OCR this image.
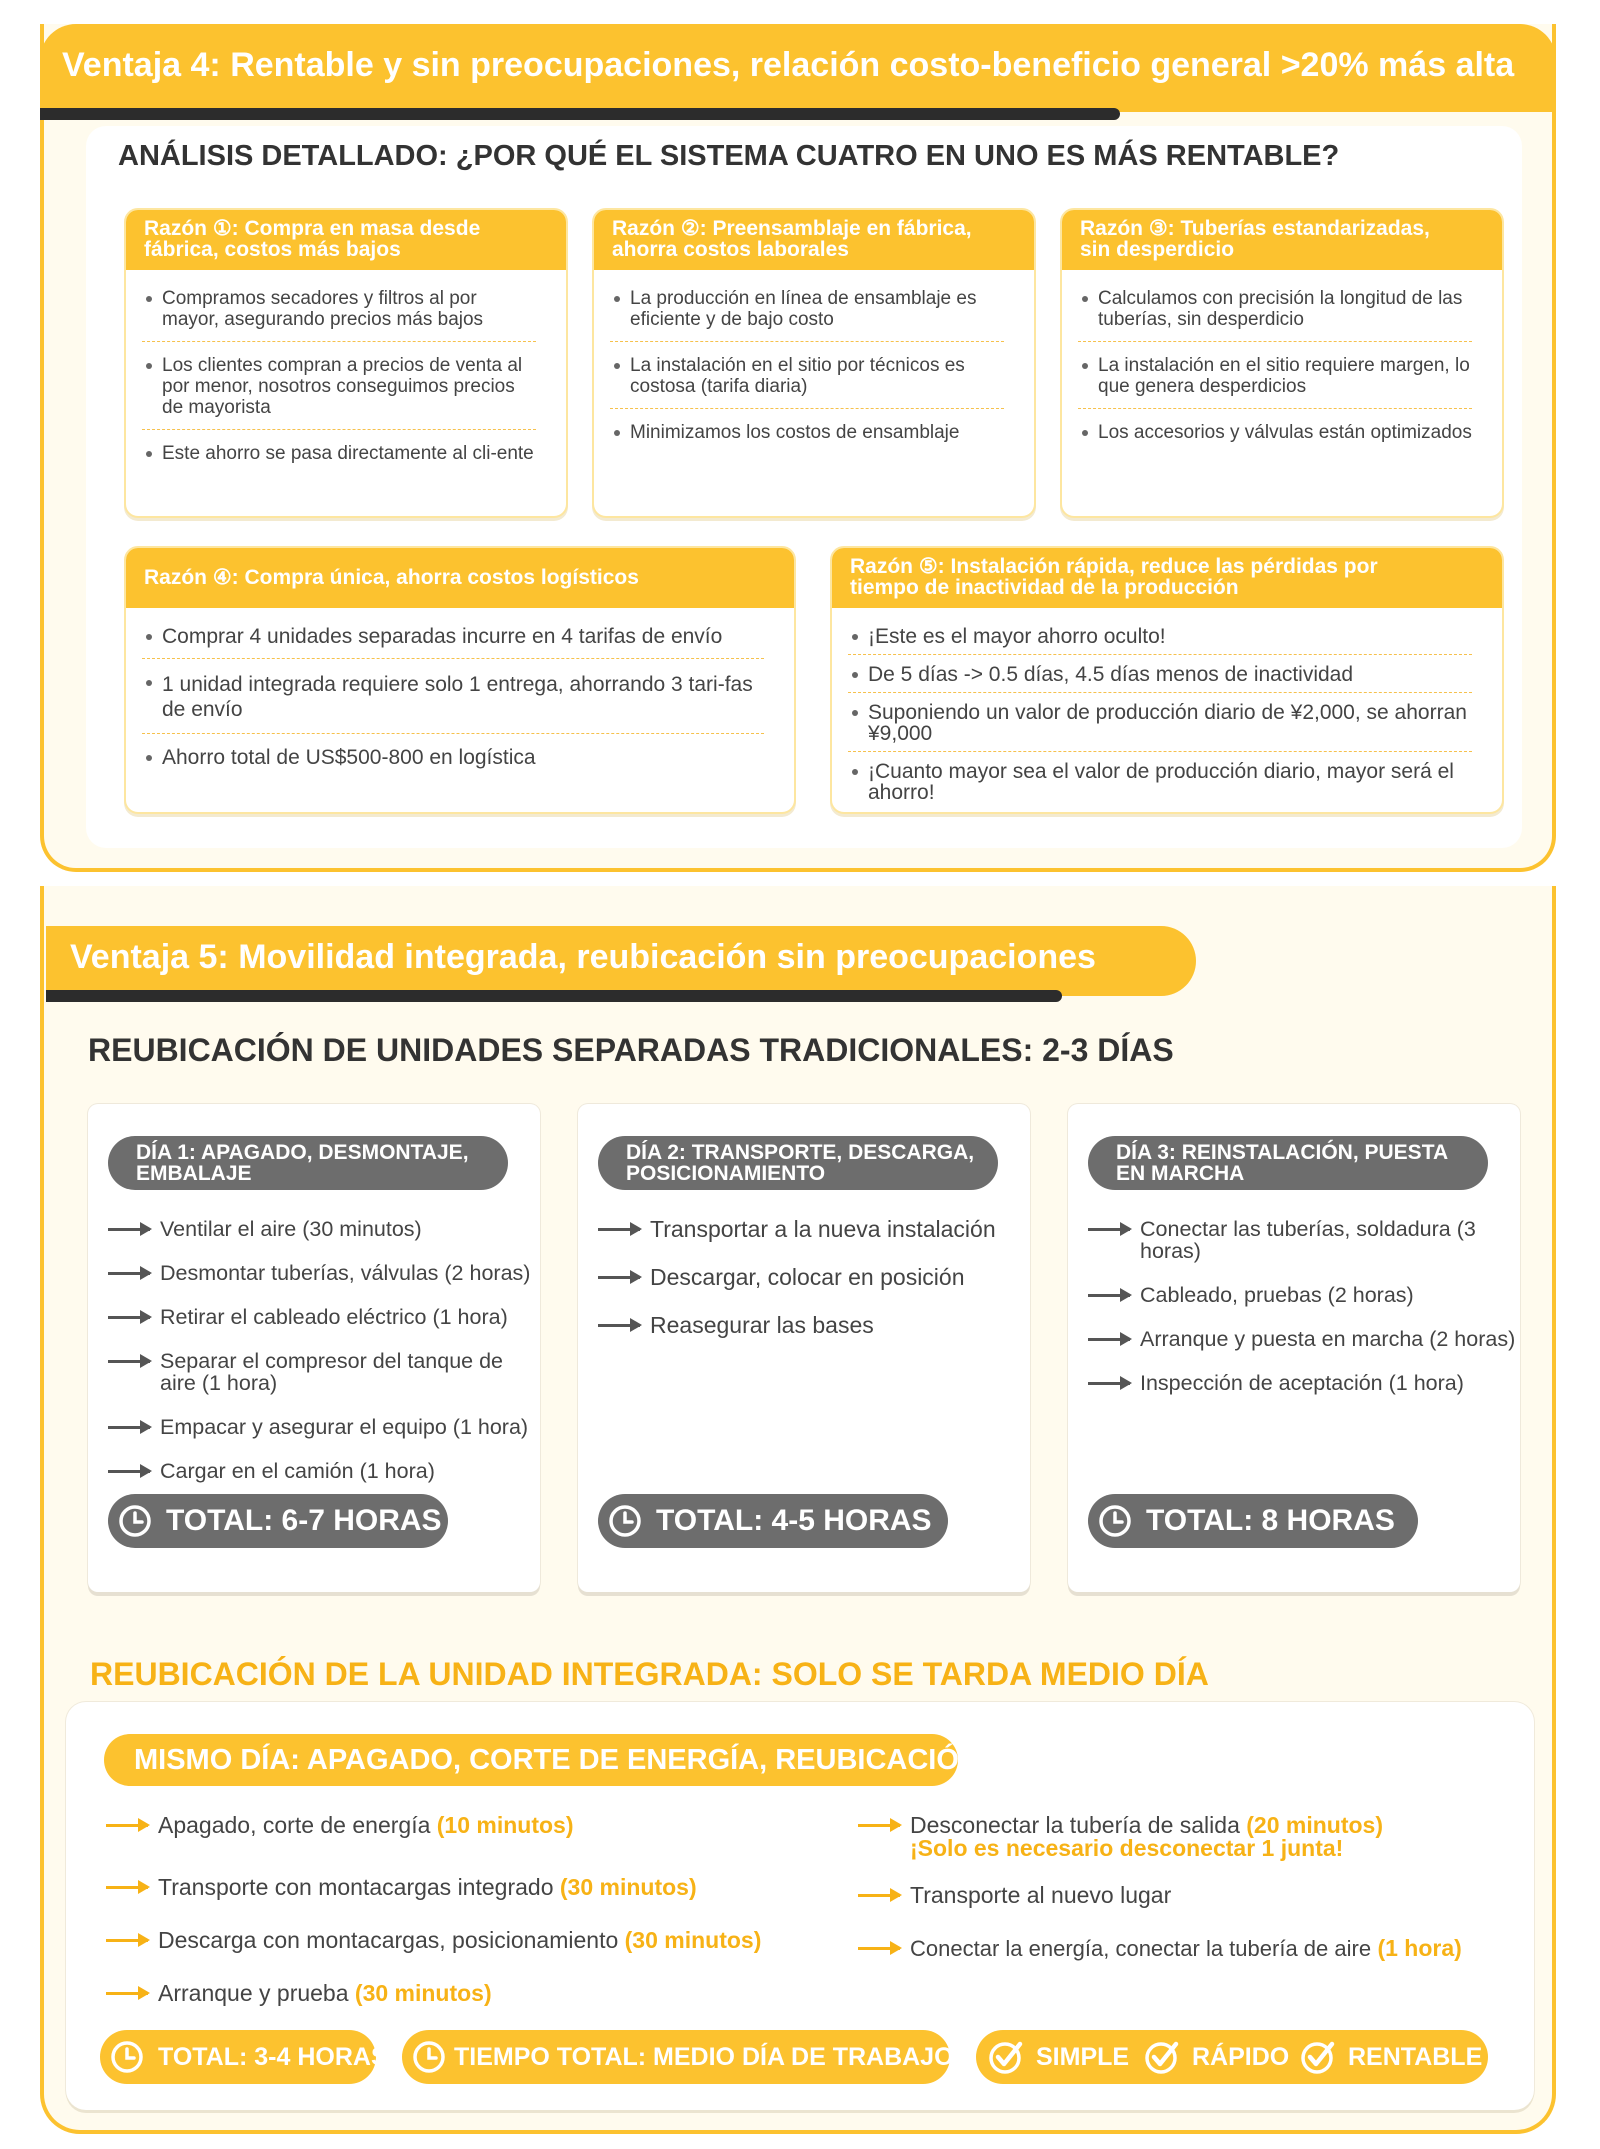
Ventaja 4: Rentable y sin preocupaciones, relación costo-beneficio general >20% más alta
ANÁLISIS DETALLADO: ¿POR QUÉ EL SISTEMA CUATRO EN UNO ES MÁS RENTABLE?
Razón ①: Compra en masa desde
fábrica, costos más bajos
Compramos secadores y filtros al por mayor, asegurando precios más bajos
Los clientes compran a precios de venta al por menor, nosotros conseguimos precios de mayorista
Este ahorro se pasa directamente al cli-ente
Razón ②: Preensamblaje en fábrica,
ahorra costos laborales
La producción en línea de ensamblaje es eficiente y de bajo costo
La instalación en el sitio por técnicos es costosa (tarifa diaria)
Minimizamos los costos de ensamblaje
Razón ③: Tuberías estandarizadas,
sin desperdicio
Calculamos con precisión la longitud de las tuberías, sin desperdicio
La instalación en el sitio requiere margen, lo que genera desperdicios
Los accesorios y válvulas están optimizados
Razón ④: Compra única, ahorra costos logísticos
Comprar 4 unidades separadas incurre en 4 tarifas de envío
1 unidad integrada requiere solo 1 entrega, ahorrando 3 tari-fas de envío
Ahorro total de US$500-800 en logística
Razón ⑤: Instalación rápida, reduce las pérdidas por
tiempo de inactividad de la producción
¡Este es el mayor ahorro oculto!
De 5 días -> 0.5 días, 4.5 días menos de inactividad
Suponiendo un valor de producción diario de ¥2,000, se ahorran ¥9,000
¡Cuanto mayor sea el valor de producción diario, mayor será el ahorro!
Ventaja 5: Movilidad integrada, reubicación sin preocupaciones
REUBICACIÓN DE UNIDADES SEPARADAS TRADICIONALES: 2-3 DÍAS
DÍA 1: APAGADO, DESMONTAJE,
EMBALAJE
Ventilar el aire (30 minutos)
Desmontar tuberías, válvulas (2 horas)
Retirar el cableado eléctrico (1 hora)
Separar el compresor del tanque de aire (1 hora)
Empacar y asegurar el equipo (1 hora)
Cargar en el camión (1 hora)
TOTAL: 6-7 HORAS
DÍA 2: TRANSPORTE, DESCARGA,
POSICIONAMIENTO
Transportar a la nueva instalación
Descargar, colocar en posición
Reasegurar las bases
TOTAL: 4-5 HORAS
DÍA 3: REINSTALACIÓN, PUESTA
EN MARCHA
Conectar las tuberías, soldadura (3 horas)
Cableado, pruebas (2 horas)
Arranque y puesta en marcha (2 horas)
Inspección de aceptación (1 hora)
TOTAL: 8 HORAS
REUBICACIÓN DE LA UNIDAD INTEGRADA: SOLO SE TARDA MEDIO DÍA
MISMO DÍA: APAGADO, CORTE DE ENERGÍA, REUBICACIÓN
Apagado, corte de energía (10 minutos)
Transporte con montacargas integrado (30 minutos)
Descarga con montacargas, posicionamiento (30 minutos)
Arranque y prueba (30 minutos)
Desconectar la tubería de salida (20 minutos)
¡Solo es necesario desconectar 1 junta!
Transporte al nuevo lugar
Conectar la energía, conectar la tubería de aire (1 hora)
TOTAL: 3-4 HORAS	TIEMPO TOTAL: MEDIO DÍA DE TRABAJO	SIMPLE	RÁPIDO RENTABLE
